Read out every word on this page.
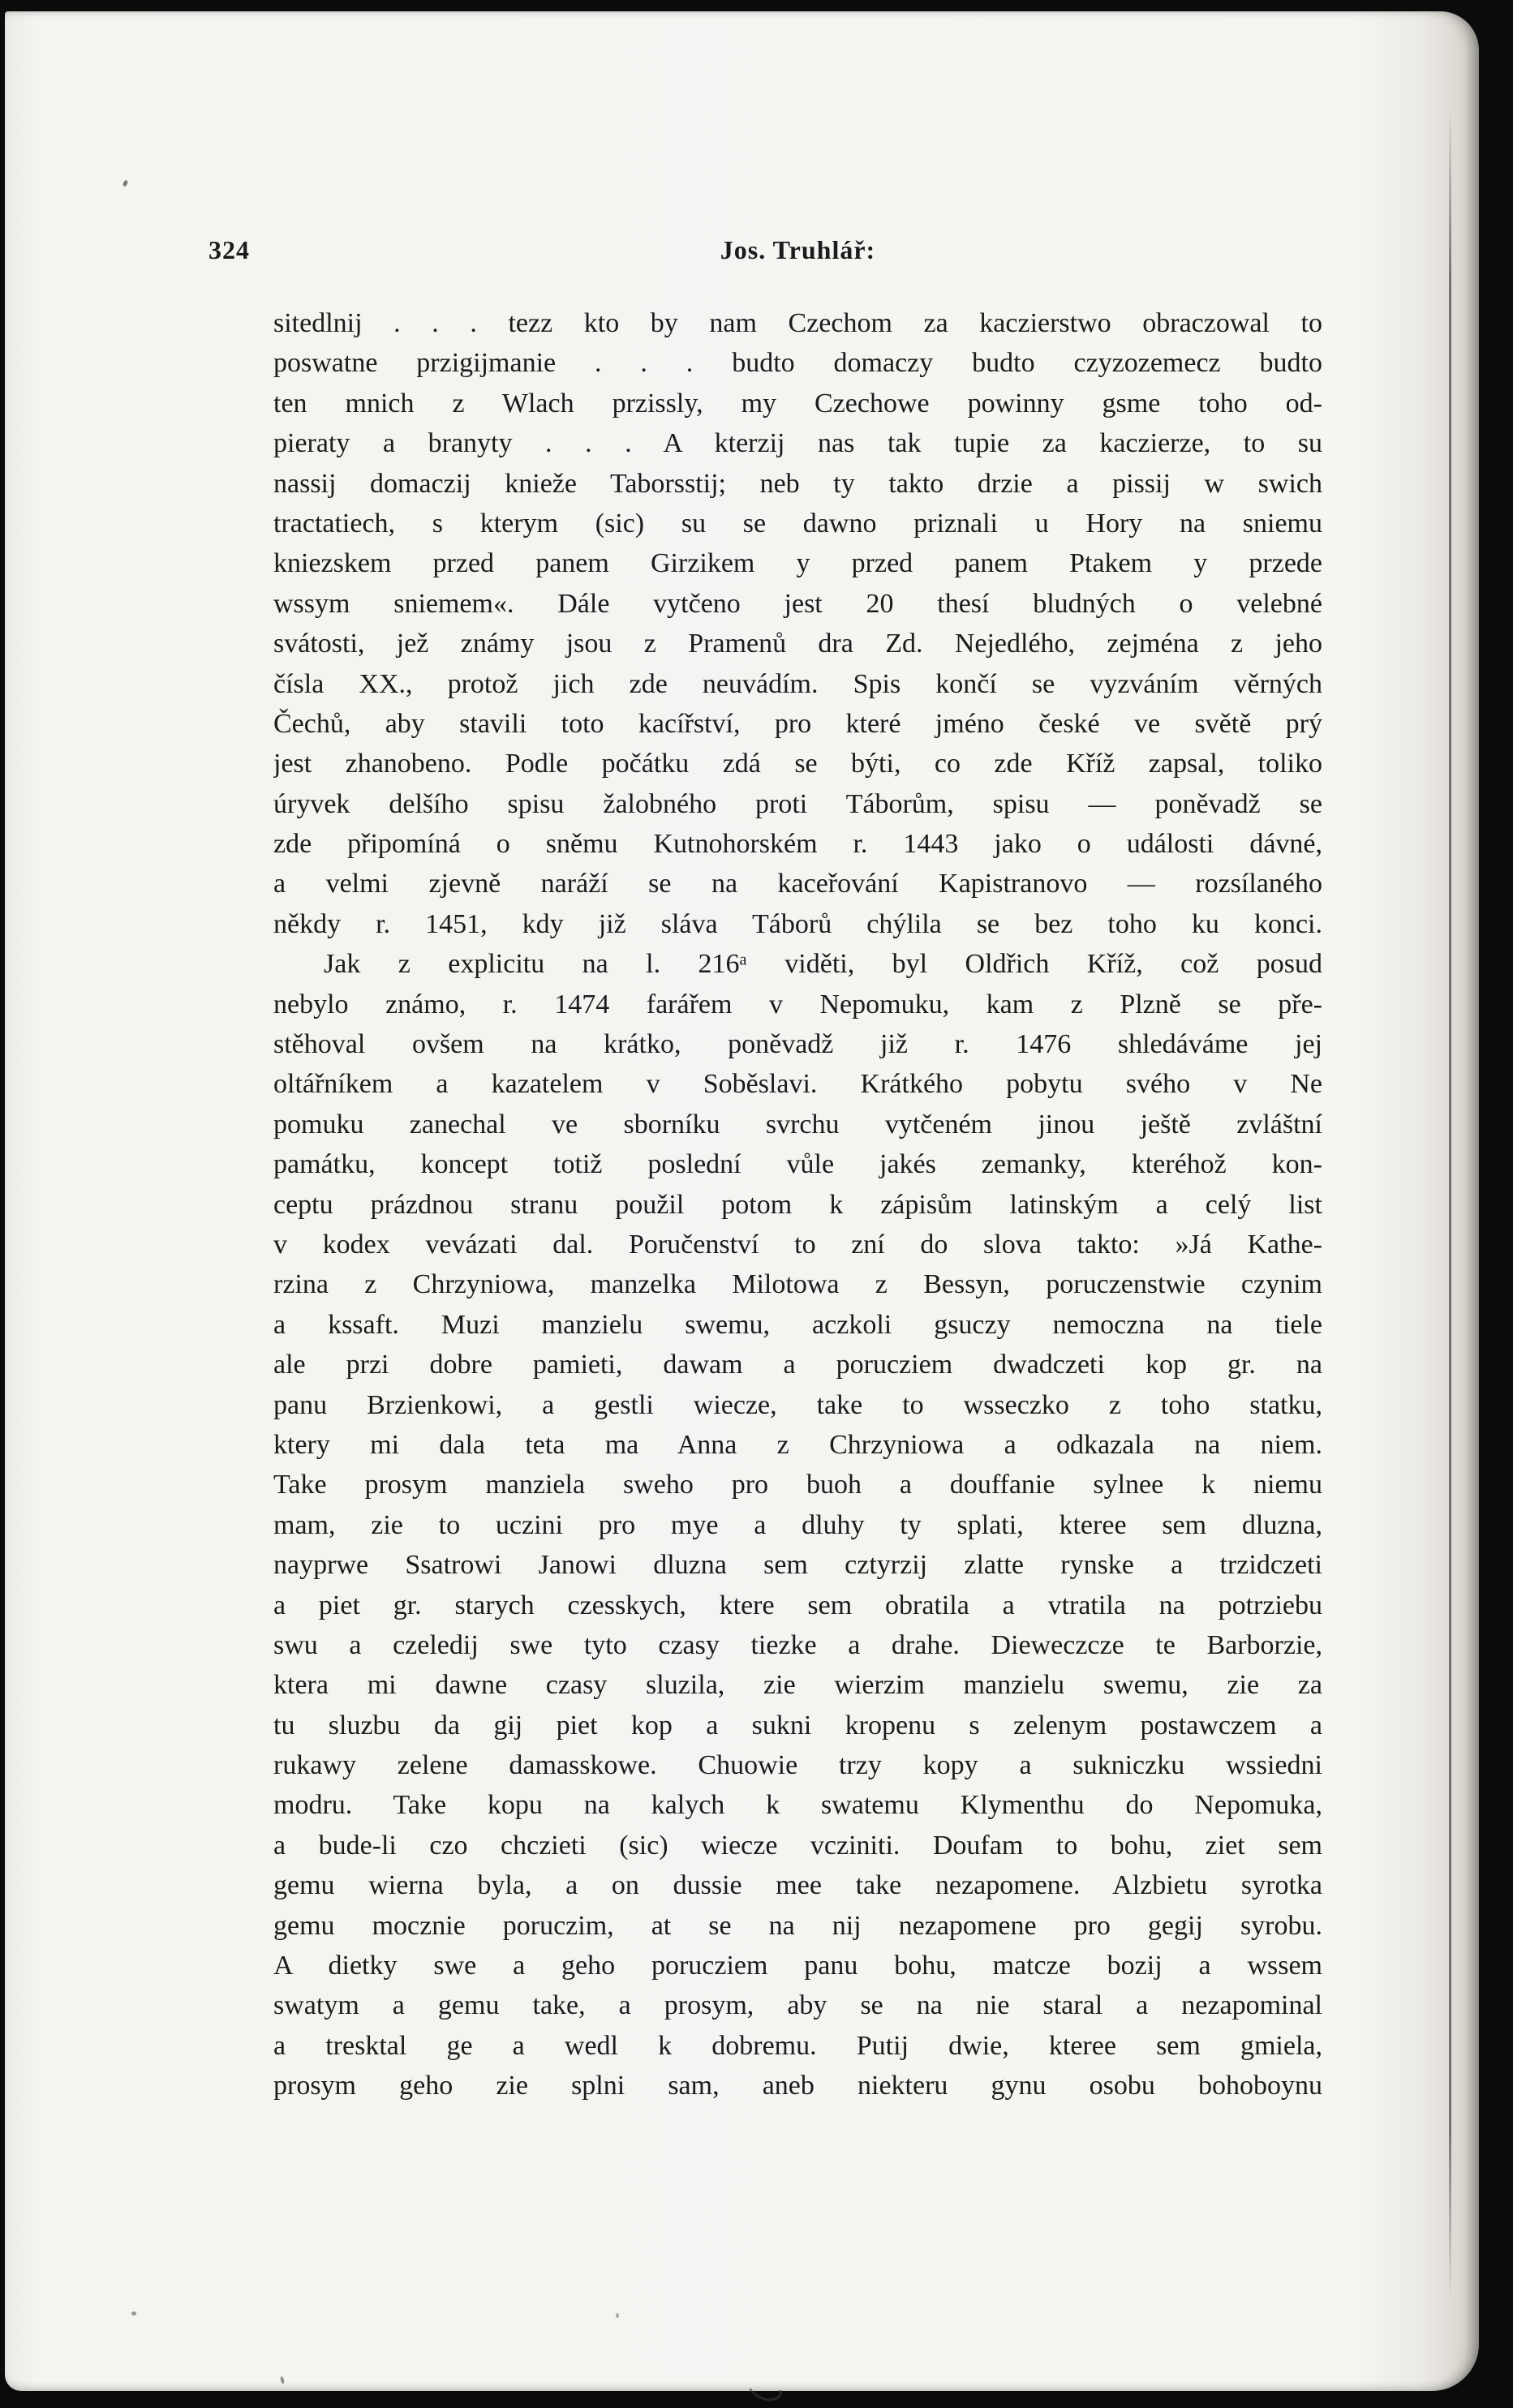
324	Jos. Truhlář:
sitedlnij . . . tezz kto by nam Czechom za kaczierstwo obraczowal to
poswatne przigijmanie . . . budto domaczy budto czyzozemecz budto
ten mnich z Wlach przissly, my Czechowe powinny gsme toho od-
pieraty a branyty . . . A kterzij nas tak tupie za kaczierze, to su
nassij domaczij knieže Taborsstij; neb ty takto drzie a pissij w swich
tractatiech, s kterym (sic) su se dawno priznali u Hory na sniemu
kniezskem przed panem Girzikem y przed panem Ptakem y przede
wssym sniemem«. Dále vytčeno jest 20 thesí bludných o velebné
svátosti, jež známy jsou z Pramenů dra Zd. Nejedlého, zejména z jeho
čísla XX., protož jich zde neuvádím. Spis končí se vyzváním věrných
Čechů, aby stavili toto kacířství, pro které jméno české ve světě prý
jest zhanobeno. Podle počátku zdá se býti, co zde Kříž zapsal, toliko
úryvek delšího spisu žalobného proti Táborům, spisu — poněvadž se
zde připomíná o sněmu Kutnohorském r. 1443 jako o události dávné,
a velmi zjevně naráží se na kaceřování Kapistranovo — rozsílaného
někdy r. 1451, kdy již sláva Táborů chýlila se bez toho ku konci.
Jak z explicitu na l. 216ᵃ viděti, byl Oldřich Kříž, což posud
nebylo známo, r. 1474 farářem v Nepomuku, kam z Plzně se pře-
stěhoval ovšem na krátko, poněvadž již r. 1476 shledáváme jej
oltářníkem a kazatelem v Soběslavi. Krátkého pobytu svého v Ne
pomuku zanechal ve sborníku svrchu vytčeném jinou ještě zvláštní
památku, koncept totiž poslední vůle jakés zemanky, kteréhož kon-
ceptu prázdnou stranu použil potom k zápisům latinským a celý list
v kodex vevázati dal. Poručenství to zní do slova takto: »Já Kathe-
rzina z Chrzyniowa, manzelka Milotowa z Bessyn, poruczenstwie czynim
a kssaft. Muzi manzielu swemu, aczkoli gsuczy nemoczna na tiele
ale przi dobre pamieti, dawam a porucziem dwadczeti kop gr. na
panu Brzienkowi, a gestli wiecze, take to wsseczko z toho statku,
ktery mi dala teta ma Anna z Chrzyniowa a odkazala na niem.
Take prosym manziela sweho pro buoh a douffanie sylnee k niemu
mam, zie to uczini pro mye a dluhy ty splati, kteree sem dluzna,
nayprwe Ssatrowi Janowi dluzna sem cztyrzij zlatte rynske a trzidczeti
a piet gr. starych czesskych, ktere sem obratila a vtratila na potrziebu
swu a czeledij swe tyto czasy tiezke a drahe. Dieweczcze te Barborzie,
ktera mi dawne czasy sluzila, zie wierzim manzielu swemu, zie za
tu sluzbu da gij piet kop a sukni kropenu s zelenym postawczem a
rukawy zelene damasskowe. Chuowie trzy kopy a sukniczku wssiedni
modru. Take kopu na kalych k swatemu Klymenthu do Nepomuka,
a bude-li czo chczieti (sic) wiecze vcziniti. Doufam to bohu, ziet sem
gemu wierna byla, a on dussie mee take nezapomene. Alzbietu syrotka
gemu mocznie poruczim, at se na nij nezapomene pro gegij syrobu.
A dietky swe a geho porucziem panu bohu, matcze bozij a wssem
swatym a gemu take, a prosym, aby se na nie staral a nezapominal
a tresktal ge a wedl k dobremu. Putij dwie, kteree sem gmiela,
prosym geho zie splni sam, aneb niekteru gynu osobu bohoboynu
